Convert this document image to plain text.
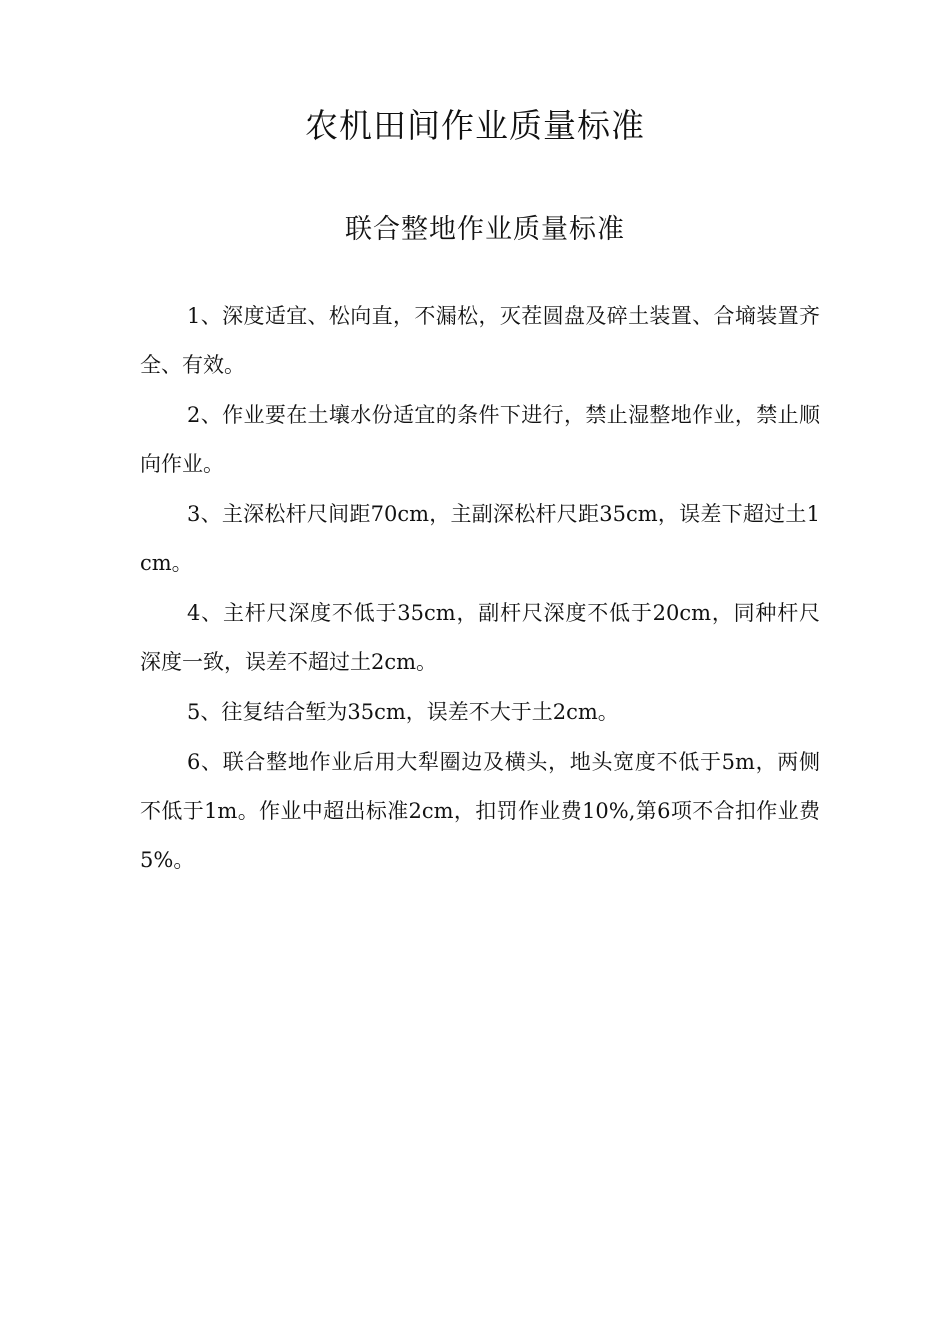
农机田间作业质量标准
联合整地作业质量标准

1、深度适宜、松向直，不漏松，灭茬圆盘及碎土装置、合墒装置齐全、有效。

2、作业要在土壤水份适宜的条件下进行，禁止湿整地作业，禁止顺向作业。

3、主深松杆尺间距70cm，主副深松杆尺距35cm，误差下超过土1cm。

4、主杆尺深度不低于35cm，副杆尺深度不低于20cm，同种杆尺深度一致，误差不超过土2cm。

5、往复结合堑为35cm，误差不大于土2cm。

6、联合整地作业后用大犁圈边及横头，地头宽度不低于5m，两侧不低于1m。作业中超出标准2cm，扣罚作业费10%,第6项不合扣作业费5%。
